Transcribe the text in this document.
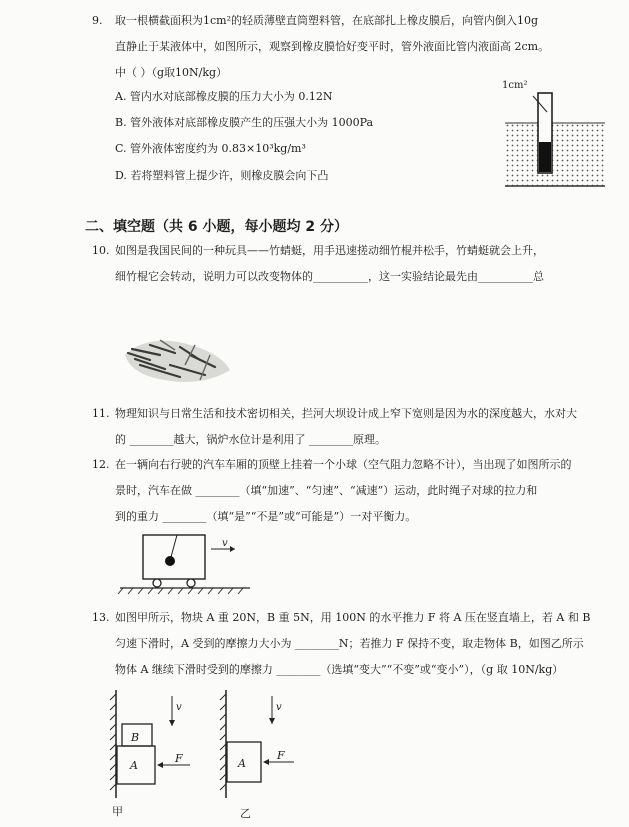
9. 取一根横截面积为1cm²的轻质薄壁直筒塑料管，在底部扎上橡皮膜后，向管内倒入10g
直静止于某液体中，如图所示，观察到橡皮膜恰好变平时，管外液面比管内液面高 2cm。
中（ ）（g取10N/kg）
A. 管内水对底部橡皮膜的压力大小为 0.12N
B. 管外液体对底部橡皮膜产生的压强大小为 1000Pa
C. 管外液体密度约为 0.83×10³kg/m³
D. 若将塑料管上提少许，则橡皮膜会向下凸
1cm²
二、填空题（共 6 小题，每小题均 2 分）
10. 如图是我国民间的一种玩具——竹蜻蜓，用手迅速搓动细竹棍并松手，竹蜻蜓就会上升，
细竹棍它会转动，说明力可以改变物体的__________，这一实验结论最先由__________总
11. 物理知识与日常生活和技术密切相关，拦河大坝设计成上窄下宽则是因为水的深度越大，水对大
的 ________越大，锅炉水位计是利用了 ________原理。
12. 在一辆向右行驶的汽车车厢的顶壁上挂着一个小球（空气阻力忽略不计），当出现了如图所示的
景时，汽车在做 ________（填“加速”、“匀速”、“减速”）运动，此时绳子对球的拉力和
到的重力 ________（填“是”“不是”或“可能是”）一对平衡力。
v
13. 如图甲所示，物块 A 重 20N，B 重 5N，用 100N 的水平推力 F 将 A 压在竖直墙上，若 A 和 B
匀速下滑时，A 受到的摩擦力大小为 ________N；若推力 F 保持不变，取走物体 B，如图乙所示
物体 A 继续下滑时受到的摩擦力 ________（选填“变大”“不变”或“变小”），（g 取 10N/kg）
B
A
F
v
甲
A
F
v
乙
